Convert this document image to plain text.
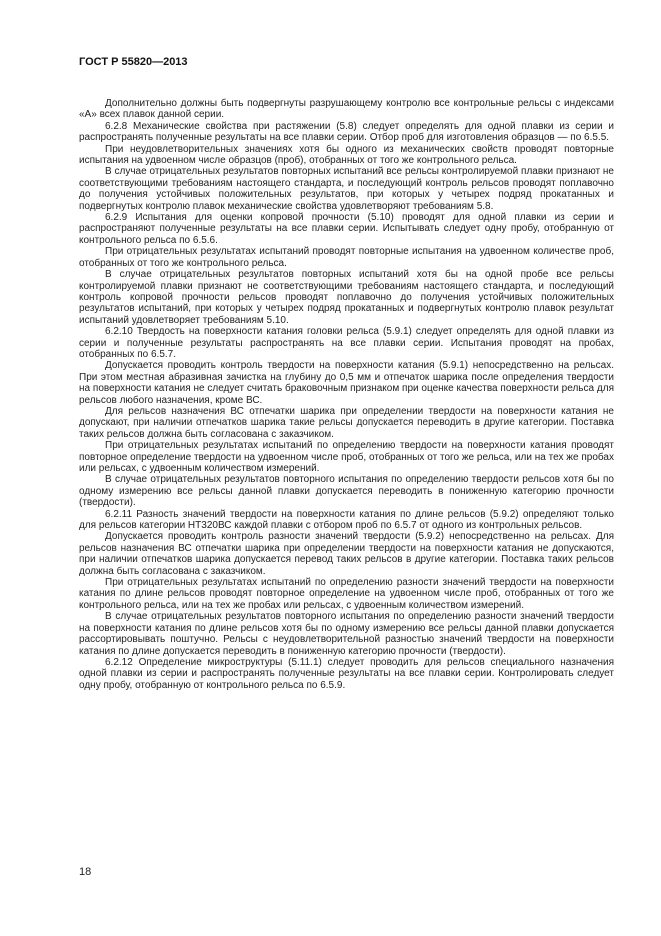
ГОСТ Р 55820—2013

Дополнительно должны быть подвергнуты разрушающему контролю все контрольные рельсы с индексами «А» всех плавок данной серии.

6.2.8 Механические свойства при растяжении (5.8) следует определять для одной плавки из серии и распространять полученные результаты на все плавки серии. Отбор проб для изготовления образцов — по 6.5.5.

При неудовлетворительных значениях хотя бы одного из механических свойств проводят повторные испытания на удвоенном числе образцов (проб), отобранных от того же контрольного рельса.

В случае отрицательных результатов повторных испытаний все рельсы контролируемой плавки признают не соответствующими требованиям настоящего стандарта, и последующий контроль рельсов проводят поплавочно до получения устойчивых положительных результатов, при которых у четырех подряд прокатанных и подвергнутых контролю плавок механические свойства удовлетворяют требованиям 5.8.

6.2.9 Испытания для оценки копровой прочности (5.10) проводят для одной плавки из серии и распространяют полученные результаты на все плавки серии. Испытывать следует одну пробу, отобранную от контрольного рельса по 6.5.6.

При отрицательных результатах испытаний проводят повторные испытания на удвоенном количестве проб, отобранных от того же контрольного рельса.

В случае отрицательных результатов повторных испытаний хотя бы на одной пробе все рельсы контролируемой плавки признают не соответствующими требованиям настоящего стандарта, и последующий контроль копровой прочности рельсов проводят поплавочно до получения устойчивых положительных результатов испытаний, при которых у четырех подряд прокатанных и подвергнутых контролю плавок результат испытаний удовлетворяет требованиям 5.10.

6.2.10 Твердость на поверхности катания головки рельса (5.9.1) следует определять для одной плавки из серии и полученные результаты распространять на все плавки серии. Испытания проводят на пробах, отобранных по 6.5.7.

Допускается проводить контроль твердости на поверхности катания (5.9.1) непосредственно на рельсах. При этом местная абразивная зачистка на глубину до 0,5 мм и отпечаток шарика после определения твердости на поверхности катания не следует считать браковочным признаком при оценке качества поверхности рельса для рельсов любого назначения, кроме ВС.

Для рельсов назначения ВС отпечатки шарика при определении твердости на поверхности катания не допускают, при наличии отпечатков шарика такие рельсы допускается переводить в другие категории. Поставка таких рельсов должна быть согласована с заказчиком.

При отрицательных результатах испытаний по определению твердости на поверхности катания проводят повторное определение твердости на удвоенном числе проб, отобранных от того же рельса, или на тех же пробах или рельсах, с удвоенным количеством измерений.

В случае отрицательных результатов повторного испытания по определению твердости рельсов хотя бы по одному измерению все рельсы данной плавки допускается переводить в пониженную категорию прочности (твердости).

6.2.11 Разность значений твердости на поверхности катания по длине рельсов (5.9.2) определяют только для рельсов категории НТ320ВС каждой плавки с отбором проб по 6.5.7 от одного из контрольных рельсов.

Допускается проводить контроль разности значений твердости (5.9.2) непосредственно на рельсах. Для рельсов назначения ВС отпечатки шарика при определении твердости на поверхности катания не допускаются, при наличии отпечатков шарика допускается перевод таких рельсов в другие категории. Поставка таких рельсов должна быть согласована с заказчиком.

При отрицательных результатах испытаний по определению разности значений твердости на поверхности катания по длине рельсов проводят повторное определение на удвоенном числе проб, отобранных от того же контрольного рельса, или на тех же пробах или рельсах, с удвоенным количеством измерений.

В случае отрицательных результатов повторного испытания по определению разности значений твердости на поверхности катания по длине рельсов хотя бы по одному измерению все рельсы данной плавки допускается рассортировывать поштучно. Рельсы с неудовлетворительной разностью значений твердости на поверхности катания по длине допускается переводить в пониженную категорию прочности (твердости).

6.2.12 Определение микроструктуры (5.11.1) следует проводить для рельсов специального назначения одной плавки из серии и распространять полученные результаты на все плавки серии. Контролировать следует одну пробу, отобранную от контрольного рельса по 6.5.9.

18
